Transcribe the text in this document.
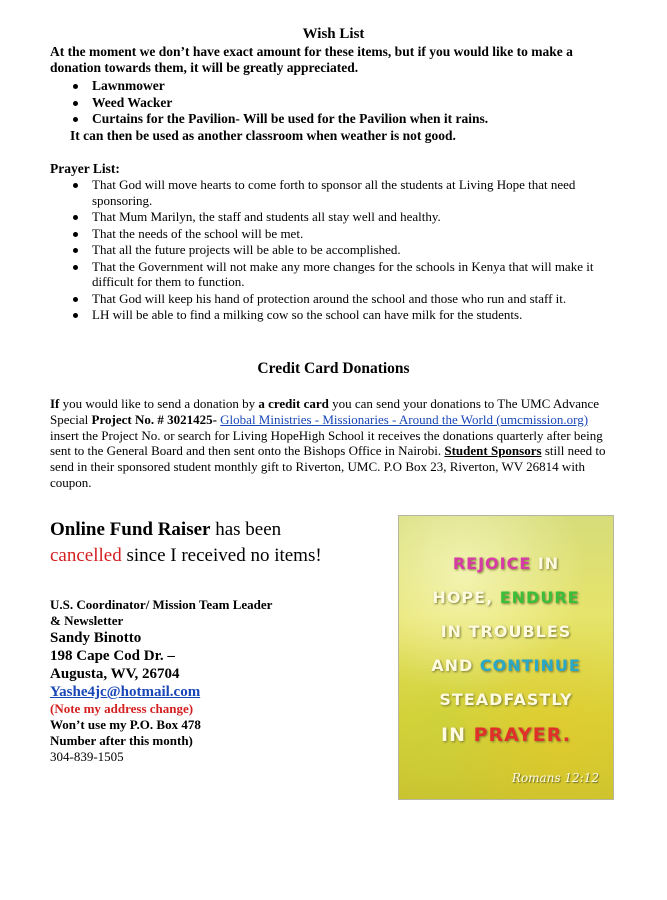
Wish List
At the moment we don’t have exact amount for these items, but if you would like to make a donation towards them, it will be greatly appreciated.
Lawnmower
Weed Wacker
Curtains for the Pavilion- Will be used for the Pavilion when it rains.
It can then be used as another classroom when weather is not good.
Prayer List:
That God will move hearts to come forth to sponsor all the students at Living Hope that need sponsoring.
That Mum Marilyn, the staff and students all stay well and healthy.
That the needs of the school will be met.
That all the future projects will be able to be accomplished.
That the Government will not make any more changes for the schools in Kenya that will make it difficult for them to function.
That God will keep his hand of protection around the school and those who run and staff it.
LH will be able to find a milking cow so the school can have milk for the students.
Credit Card Donations
If you would like to send a donation by a credit card you can send your donations to The UMC Advance Special Project No. # 3021425- Global Ministries - Missionaries - Around the World (umcmission.org) insert the Project No. or search for Living HopeHigh School it receives the donations quarterly after being sent to the General Board and then sent onto the Bishops Office in Nairobi. Student Sponsors still need to send in their sponsored student monthly gift to Riverton, UMC. P.O Box 23, Riverton, WV 26814 with coupon.
Online Fund Raiser has been
cancelled since I received no items!
U.S. Coordinator/ Mission Team Leader
& Newsletter
Sandy Binotto
198 Cape Cod Dr. –
Augusta, WV, 26704
Yashe4jc@hotmail.com
(Note my address change)
Won’t use my P.O. Box 478
Number after this month)
304-839-1505
REJOICE IN
HOPE, ENDURE
IN TROUBLES
AND CONTINUE
STEADFASTLY
IN PRAYER.
Romans 12:12
